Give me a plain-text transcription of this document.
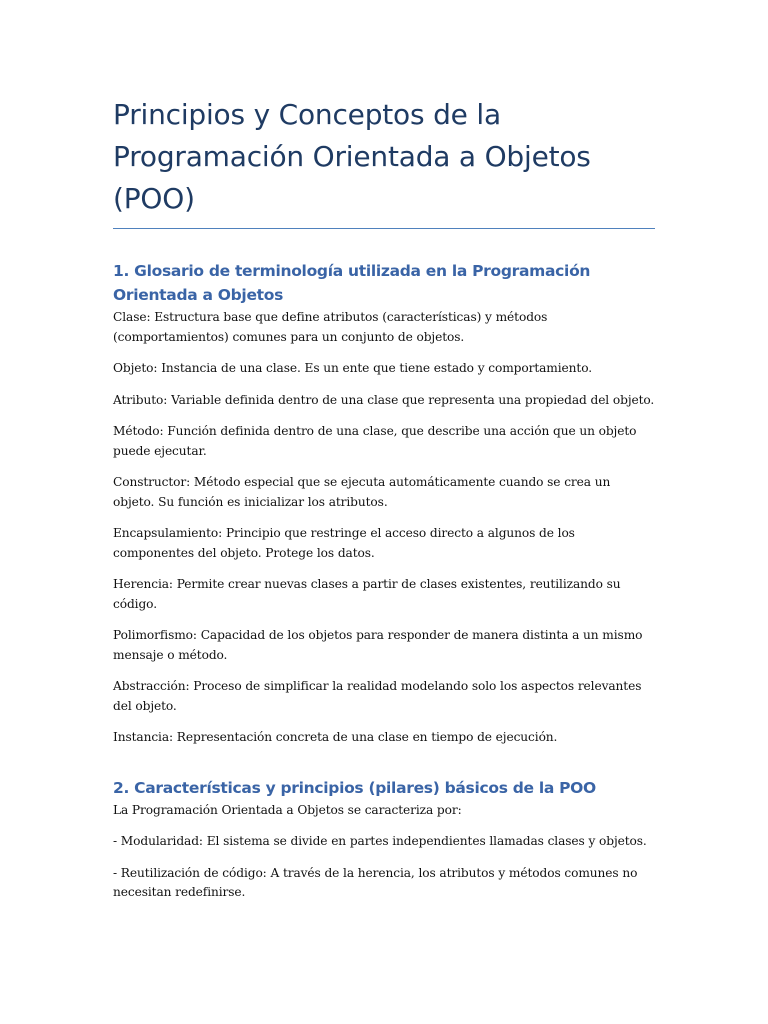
Principios y Conceptos de la Programación Orientada a Objetos (POO)
1. Glosario de terminología utilizada en la Programación Orientada a Objetos

Clase: Estructura base que define atributos (características) y métodos (comportamientos) comunes para un conjunto de objetos.

Objeto: Instancia de una clase. Es un ente que tiene estado y comportamiento.

Atributo: Variable definida dentro de una clase que representa una propiedad del objeto.

Método: Función definida dentro de una clase, que describe una acción que un objeto puede ejecutar.

Constructor: Método especial que se ejecuta automáticamente cuando se crea un objeto. Su función es inicializar los atributos.

Encapsulamiento: Principio que restringe el acceso directo a algunos de los componentes del objeto. Protege los datos.

Herencia: Permite crear nuevas clases a partir de clases existentes, reutilizando su código.

Polimorfismo: Capacidad de los objetos para responder de manera distinta a un mismo mensaje o método.

Abstracción: Proceso de simplificar la realidad modelando solo los aspectos relevantes del objeto.

Instancia: Representación concreta de una clase en tiempo de ejecución.

2. Características y principios (pilares) básicos de la POO

La Programación Orientada a Objetos se caracteriza por:

- Modularidad: El sistema se divide en partes independientes llamadas clases y objetos.

- Reutilización de código: A través de la herencia, los atributos y métodos comunes no necesitan redefinirse.
